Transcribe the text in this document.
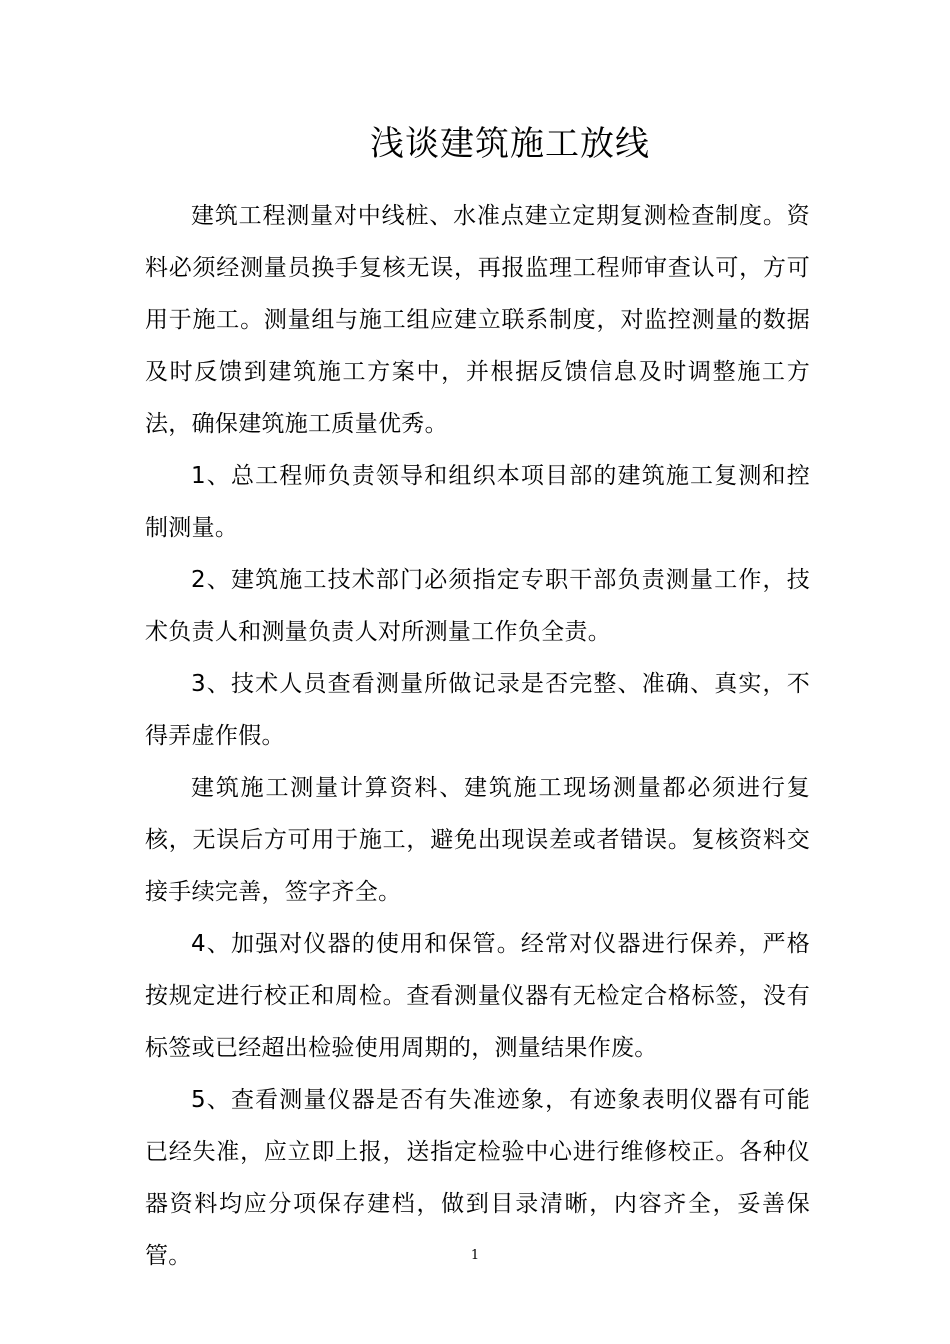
浅谈建筑施工放线

建筑工程测量对中线桩、水准点建立定期复测检查制度。资料必须经测量员换手复核无误，再报监理工程师审查认可，方可用于施工。测量组与施工组应建立联系制度，对监控测量的数据及时反馈到建筑施工方案中，并根据反馈信息及时调整施工方法，确保建筑施工质量优秀。

1、总工程师负责领导和组织本项目部的建筑施工复测和控制测量。

2、建筑施工技术部门必须指定专职干部负责测量工作，技术负责人和测量负责人对所测量工作负全责。

3、技术人员查看测量所做记录是否完整、准确、真实，不得弄虚作假。

建筑施工测量计算资料、建筑施工现场测量都必须进行复核，无误后方可用于施工，避免出现误差或者错误。复核资料交接手续完善，签字齐全。

4、加强对仪器的使用和保管。经常对仪器进行保养，严格按规定进行校正和周检。查看测量仪器有无检定合格标签，没有标签或已经超出检验使用周期的，测量结果作废。

5、查看测量仪器是否有失准迹象，有迹象表明仪器有可能已经失准，应立即上报，送指定检验中心进行维修校正。各种仪器资料均应分项保存建档，做到目录清晰，内容齐全，妥善保管。	1
